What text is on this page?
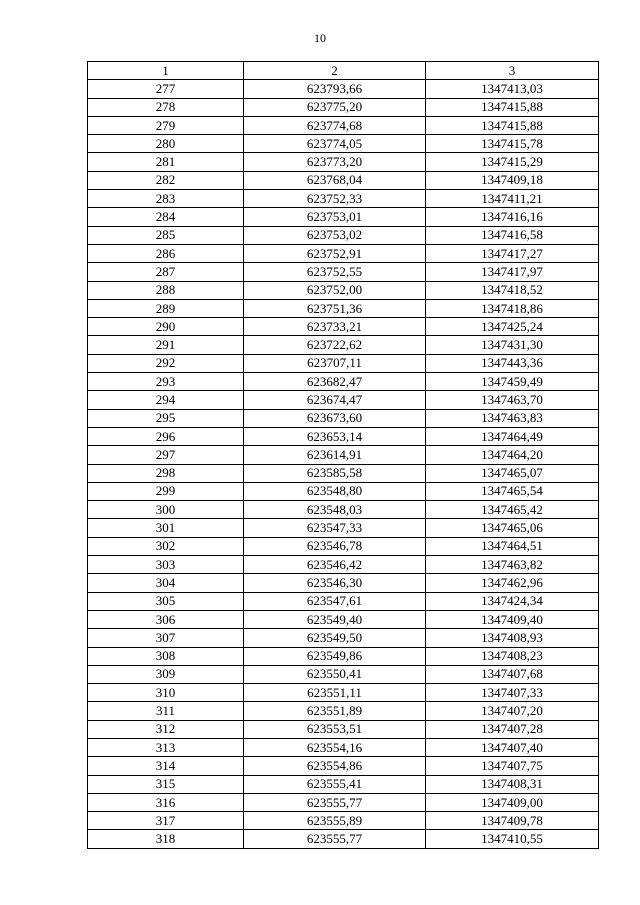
10
1	2	3
277	623793,66	1347413,03
278	623775,20	1347415,88
279	623774,68	1347415,88
280	623774,05	1347415,78
281	623773,20	1347415,29
282	623768,04	1347409,18
283	623752,33	1347411,21
284	623753,01	1347416,16
285	623753,02	1347416,58
286	623752,91	1347417,27
287	623752,55	1347417,97
288	623752,00	1347418,52
289	623751,36	1347418,86
290	623733,21	1347425,24
291	623722,62	1347431,30
292	623707,11	1347443,36
293	623682,47	1347459,49
294	623674,47	1347463,70
295	623673,60	1347463,83
296	623653,14	1347464,49
297	623614,91	1347464,20
298	623585,58	1347465,07
299	623548,80	1347465,54
300	623548,03	1347465,42
301	623547,33	1347465,06
302	623546,78	1347464,51
303	623546,42	1347463,82
304	623546,30	1347462,96
305	623547,61	1347424,34
306	623549,40	1347409,40
307	623549,50	1347408,93
308	623549,86	1347408,23
309	623550,41	1347407,68
310	623551,11	1347407,33
311	623551,89	1347407,20
312	623553,51	1347407,28
313	623554,16	1347407,40
314	623554,86	1347407,75
315	623555,41	1347408,31
316	623555,77	1347409,00
317	623555,89	1347409,78
318	623555,77	1347410,55
